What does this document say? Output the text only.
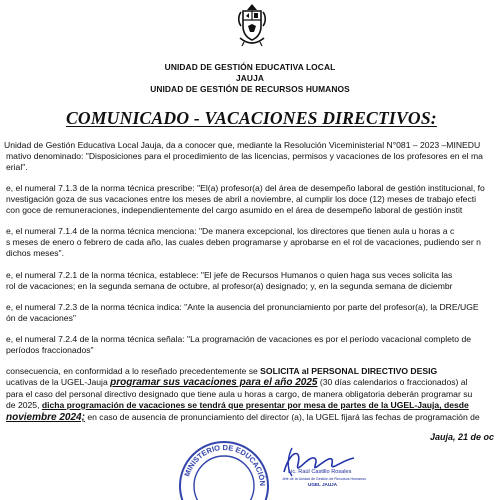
UNIDAD DE GESTIÓN EDUCATIVA LOCAL
JAUJA
UNIDAD DE GESTIÓN DE RECURSOS HUMANOS
COMUNICADO - VACACIONES DIRECTIVOS:
Unidad de Gestión Educativa Local Jauja, da a conocer que, mediante la Resolución Viceministerial N°081 – 2023 –MINEDU
mativo denominado: "Disposiciones para el procedimiento de las licencias, permisos y vacaciones de los profesores en el ma
erial".
e, el numeral 7.1.3 de la norma técnica prescribe: "El(a) profesor(a) del área de desempeño laboral de gestión institucional, fo
nvestigación goza de sus vacaciones entre los meses de abril a noviembre, al cumplir los doce (12) meses de trabajo efecti
con goce de remuneraciones, independientemente del cargo asumido en el área de desempeño laboral de gestión instit
e, el numeral 7.1.4 de la norma técnica menciona: "De manera excepcional, los directores que tienen aula u horas a c
s meses de enero o febrero de cada año, las cuales deben programarse y aprobarse en el rol de vacaciones, pudiendo ser n
dichos meses".
e, el numeral 7.2.1 de la norma técnica, establece: "El jefe de Recursos Humanos o quien haga sus veces solicita las
rol de vacaciones; en la segunda semana de octubre, al profesor(a) designado; y, en la segunda semana de diciembr
e, el numeral 7.2.3 de la norma técnica indica: "Ante la ausencia del pronunciamiento por parte del profesor(a), la DRE/UGE
ón de vacaciones"
e, el numeral 7.2.4 de la norma técnica señala: "La programación de vacaciones es por el período vacacional completo de
períodos fraccionados"
consecuencia, en conformidad a lo reseñado precedentemente se SOLICITA al PERSONAL DIRECTIVO DESIG
ucativas de la UGEL-Jauja programar sus vacaciones para el año 2025 (30 días calendarios o fraccionados) al
para el caso del personal directivo designado que tiene aula u horas a cargo, de manera obligatoria deberán programar su
de 2025, dicha programación de vacaciones se tendrá que presentar por mesa de partes de la UGEL-Jauja, desde
noviembre 2024; en caso de ausencia de pronunciamiento del director (a), la UGEL fijará las fechas de programación de
Jauja, 21 de oc
MINISTERIO DE EDUCACIÓN
Lic. Raúl Castillo Rosales
Jefe de la Unidad de Gestión de Recursos Humanos
UGEL JAUJA
